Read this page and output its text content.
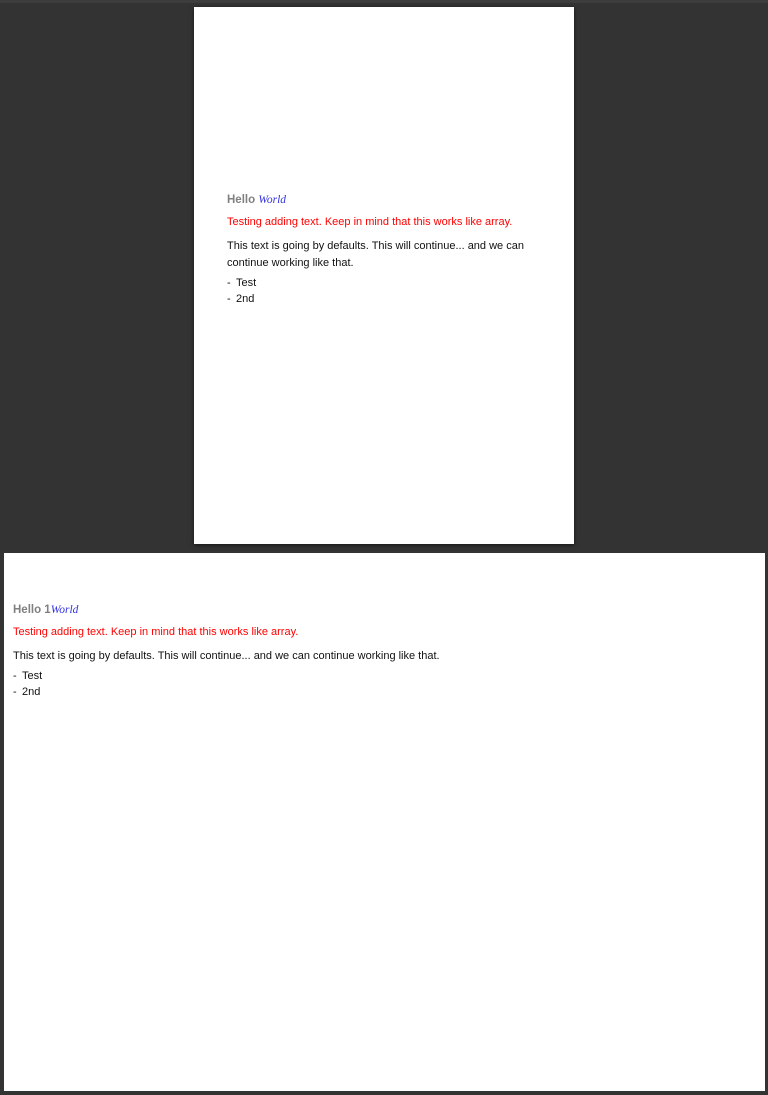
Hello World

Testing adding text. Keep in mind that this works like array.

This text is going by defaults. This will continue... and we can continue working like that.

- Test
- 2nd
Hello 1World

Testing adding text. Keep in mind that this works like array.

This text is going by defaults. This will continue... and we can continue working like that.

- Test
- 2nd
